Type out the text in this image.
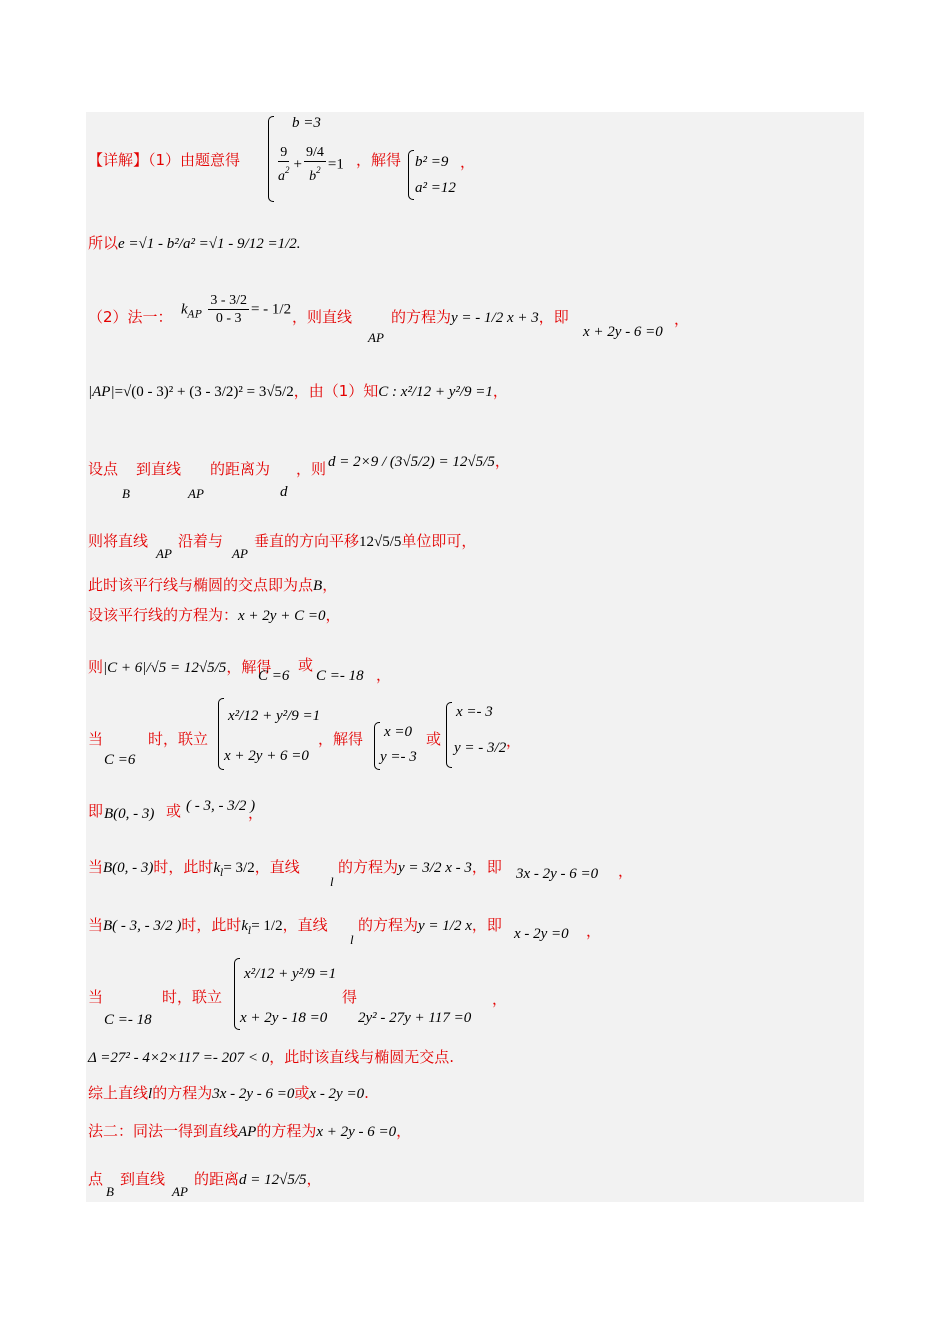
【详解】（1）由题意得
b =3
$\frac{9}{a^2} + \frac{9/4}{b^2} =1$ ，解得 b² =9
a² =12
，
所以e =√1 - b²/a² =√1 - 9/12 =1/2.
（2）法一： $k_{AP} \frac{3 - 3/2}{0 - 3}$ = - 1/2 ，则直线
AP
的方程为y = - 1/2 x + 3，即
x + 2y - 6 =0
，
|AP|=√(0 - 3)² + (3 - 3/2)² = 3√5/2，由（1）知C : x²/12 + y²/9 =1，
设点
B
到直线
AP
的距离为
d
，则 d = 2×9 / (3√5/2) = 12√5/5，
则将直线
AP
沿着与
AP
垂直的方向平移12√5/5单位即可，
此时该平行线与椭圆的交点即为点B，
设该平行线的方程为：x + 2y + C =0，
则|C + 6|/√5 = 12√5/5，解得
C =6
或
C =- 18 ，
当
C =6
时，联立
x²/12 + y²/9 =1
x + 2y + 6 =0
，解得 x =0
y =- 3
或
x =- 3
y = - 3/2 ，
即 B(0, - 3) 或 ( - 3, - 3/2 )
，
当B(0, - 3)时，此时$k_l= 3/2$，直线
l
的方程为y = 3/2 x - 3，即 3x - 2y - 6 =0 ，
当B( - 3, - 3/2 )时，此时$k_l= 1/2$，直线
l
的方程为y = 1/2 x，即 x - 2y =0 ，
当
C =- 18
时，联立
x²/12 + y²/9 =1
x + 2y - 18 =0
得
2y² - 27y + 117 =0
，
Δ =27² - 4×2×117 =- 207 < 0，此时该直线与椭圆无交点.
综上直线l的方程为3x - 2y - 6 =0或x - 2y =0.
法二：同法一得到直线AP的方程为x + 2y - 6 =0，
点
B
到直线
AP
的距离d = 12√5/5，
